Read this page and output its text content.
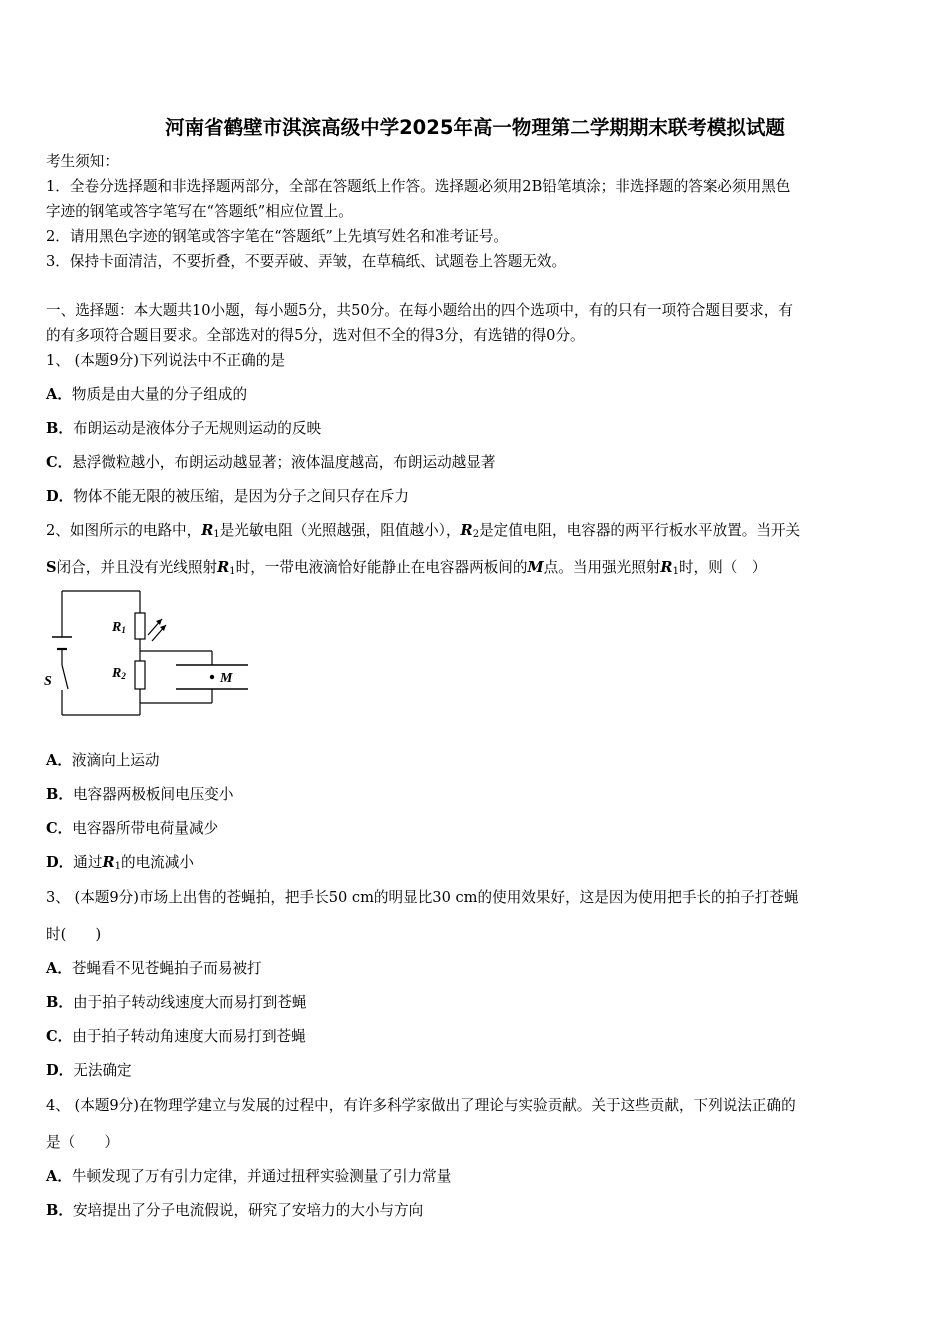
河南省鹤壁市淇滨高级中学2025年高一物理第二学期期末联考模拟试题
考生须知：
1．全卷分选择题和非选择题两部分，全部在答题纸上作答。选择题必须用2B铅笔填涂；非选择题的答案必须用黑色
字迹的钢笔或答字笔写在“答题纸”相应位置上。
2．请用黑色字迹的钢笔或答字笔在“答题纸”上先填写姓名和准考证号。
3．保持卡面清洁，不要折叠，不要弄破、弄皱，在草稿纸、试题卷上答题无效。
一、选择题：本大题共10小题，每小题5分，共50分。在每小题给出的四个选项中，有的只有一项符合题目要求，有
的有多项符合题目要求。全部选对的得5分，选对但不全的得3分，有选错的得0分。
1、 (本题9分)下列说法中不正确的是
A．物质是由大量的分子组成的
B．布朗运动是液体分子无规则运动的反映
C．悬浮微粒越小，布朗运动越显著；液体温度越高，布朗运动越显著
D．物体不能无限的被压缩，是因为分子之间只存在斥力
2、如图所示的电路中，$R_1$是光敏电阻（光照越强，阻值越小），$R_2$是定值电阻，电容器的两平行板水平放置。当开关
S闭合，并且没有光线照射$R_1$时，一带电液滴恰好能静止在电容器两板间的M点。当用强光照射$R_1$时，则（　）
R1
R2
S	M
A．液滴向上运动
B．电容器两极板间电压变小
C．电容器所带电荷量减少
D．通过$R_1$的电流减小
3、 (本题9分)市场上出售的苍蝇拍，把手长50 cm的明显比30 cm的使用效果好，这是因为使用把手长的拍子打苍蝇
时(　　)
A．苍蝇看不见苍蝇拍子而易被打
B．由于拍子转动线速度大而易打到苍蝇
C．由于拍子转动角速度大而易打到苍蝇
D．无法确定
4、 (本题9分)在物理学建立与发展的过程中，有许多科学家做出了理论与实验贡献。关于这些贡献，下列说法正确的
是（　　）
A．牛顿发现了万有引力定律，并通过扭秤实验测量了引力常量
B．安培提出了分子电流假说，研究了安培力的大小与方向
